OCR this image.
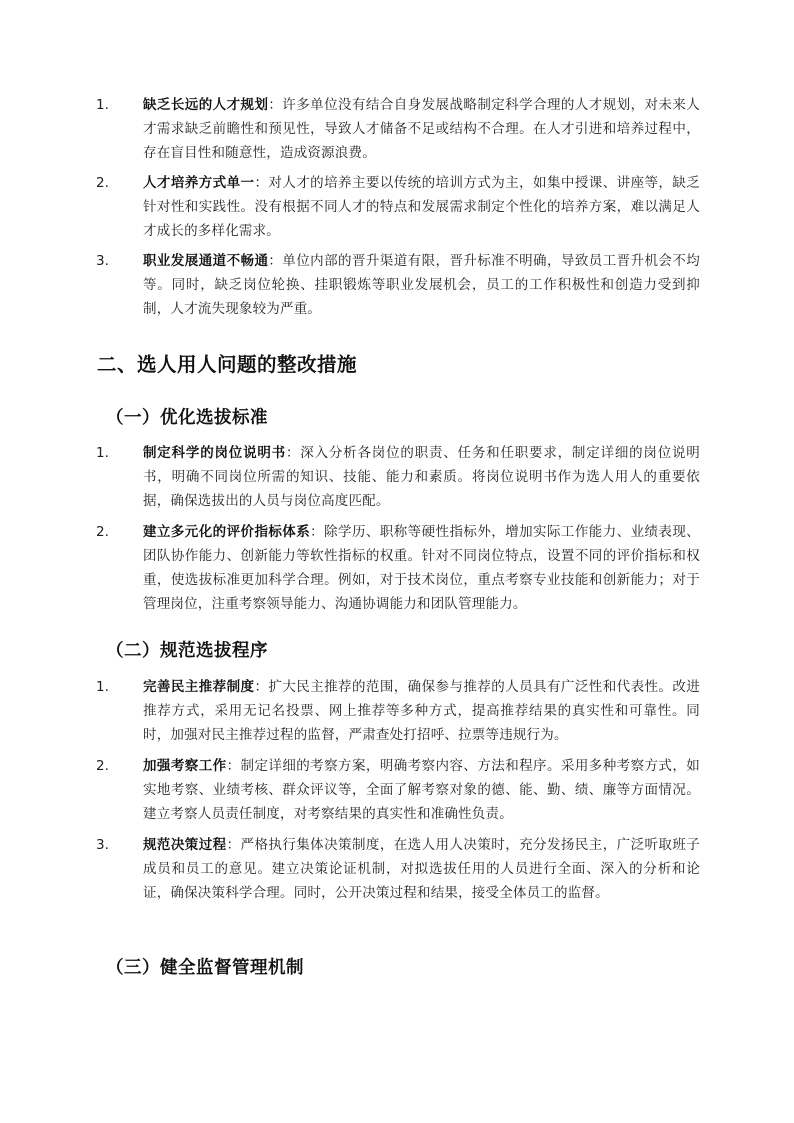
1.	缺乏长远的人才规划：许多单位没有结合自身发展战略制定科学合理的人才规划，对未来人才需求缺乏前瞻性和预见性，导致人才储备不足或结构不合理。在人才引进和培养过程中，存在盲目性和随意性，造成资源浪费。
2.	人才培养方式单一：对人才的培养主要以传统的培训方式为主，如集中授课、讲座等，缺乏针对性和实践性。没有根据不同人才的特点和发展需求制定个性化的培养方案，难以满足人才成长的多样化需求。
3.	职业发展通道不畅通：单位内部的晋升渠道有限，晋升标准不明确，导致员工晋升机会不均等。同时，缺乏岗位轮换、挂职锻炼等职业发展机会，员工的工作积极性和创造力受到抑制，人才流失现象较为严重。
二、选人用人问题的整改措施
（一）优化选拔标准
1.	制定科学的岗位说明书：深入分析各岗位的职责、任务和任职要求，制定详细的岗位说明书，明确不同岗位所需的知识、技能、能力和素质。将岗位说明书作为选人用人的重要依据，确保选拔出的人员与岗位高度匹配。
2.	建立多元化的评价指标体系：除学历、职称等硬性指标外，增加实际工作能力、业绩表现、团队协作能力、创新能力等软性指标的权重。针对不同岗位特点，设置不同的评价指标和权重，使选拔标准更加科学合理。例如，对于技术岗位，重点考察专业技能和创新能力；对于管理岗位，注重考察领导能力、沟通协调能力和团队管理能力。
（二）规范选拔程序
1.	完善民主推荐制度：扩大民主推荐的范围，确保参与推荐的人员具有广泛性和代表性。改进推荐方式，采用无记名投票、网上推荐等多种方式，提高推荐结果的真实性和可靠性。同时，加强对民主推荐过程的监督，严肃查处打招呼、拉票等违规行为。
2.	加强考察工作：制定详细的考察方案，明确考察内容、方法和程序。采用多种考察方式，如实地考察、业绩考核、群众评议等，全面了解考察对象的德、能、勤、绩、廉等方面情况。建立考察人员责任制度，对考察结果的真实性和准确性负责。
3.	规范决策过程：严格执行集体决策制度，在选人用人决策时，充分发扬民主，广泛听取班子成员和员工的意见。建立决策论证机制，对拟选拔任用的人员进行全面、深入的分析和论证，确保决策科学合理。同时，公开决策过程和结果，接受全体员工的监督。
（三）健全监督管理机制
